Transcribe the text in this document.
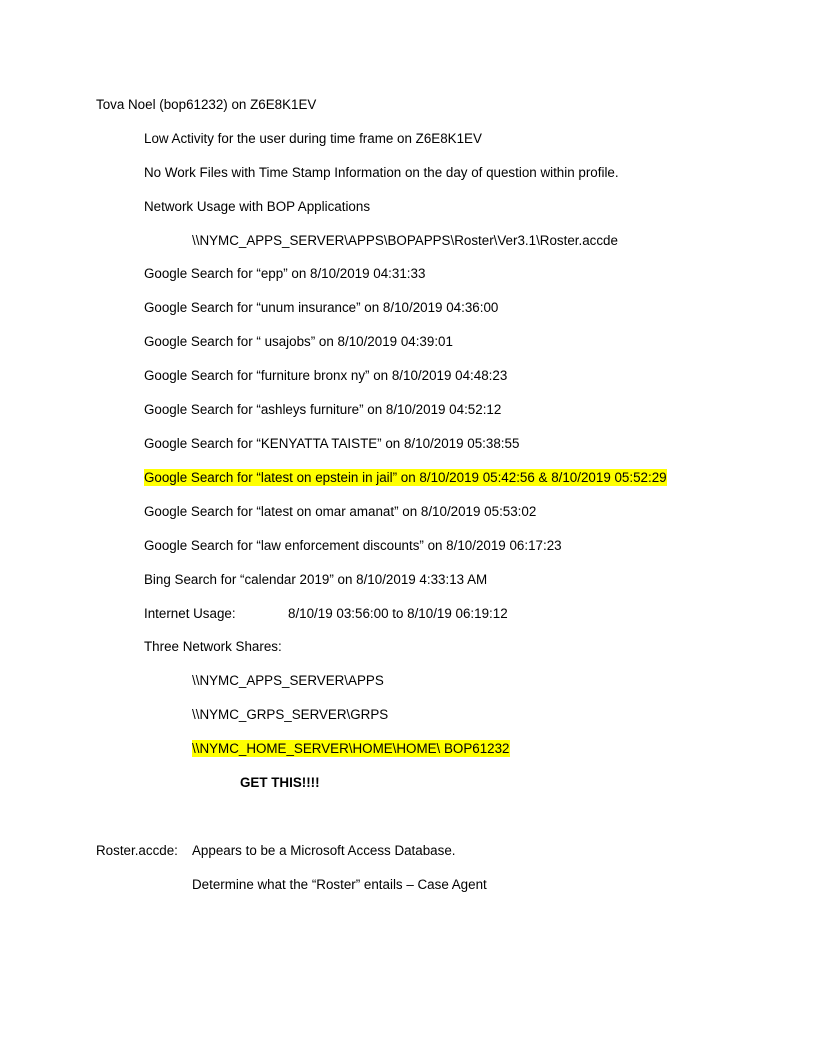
Tova Noel (bop61232) on Z6E8K1EV
Low Activity for the user during time frame on Z6E8K1EV
No Work Files with Time Stamp Information on the day of question within profile.
Network Usage with BOP Applications
\\NYMC_APPS_SERVER\APPS\BOPAPPS\Roster\Ver3.1\Roster.accde
Google Search for “epp” on 8/10/2019 04:31:33
Google Search for “unum insurance” on 8/10/2019 04:36:00
Google Search for “ usajobs” on 8/10/2019 04:39:01
Google Search for “furniture bronx ny” on 8/10/2019 04:48:23
Google Search for “ashleys furniture” on 8/10/2019 04:52:12
Google Search for “KENYATTA TAISTE” on 8/10/2019 05:38:55
Google Search for “latest on epstein in jail” on 8/10/2019 05:42:56 & 8/10/2019 05:52:29
Google Search for “latest on omar amanat” on 8/10/2019 05:53:02
Google Search for “law enforcement discounts” on 8/10/2019 06:17:23
Bing Search for “calendar 2019” on 8/10/2019 4:33:13 AM
Internet Usage:	8/10/19 03:56:00 to 8/10/19 06:19:12
Three Network Shares:
\\NYMC_APPS_SERVER\APPS
\\NYMC_GRPS_SERVER\GRPS
\\NYMC_HOME_SERVER\HOME\HOME\ BOP61232
GET THIS!!!!
Roster.accde: Appears to be a Microsoft Access Database.
Determine what the “Roster” entails – Case Agent
